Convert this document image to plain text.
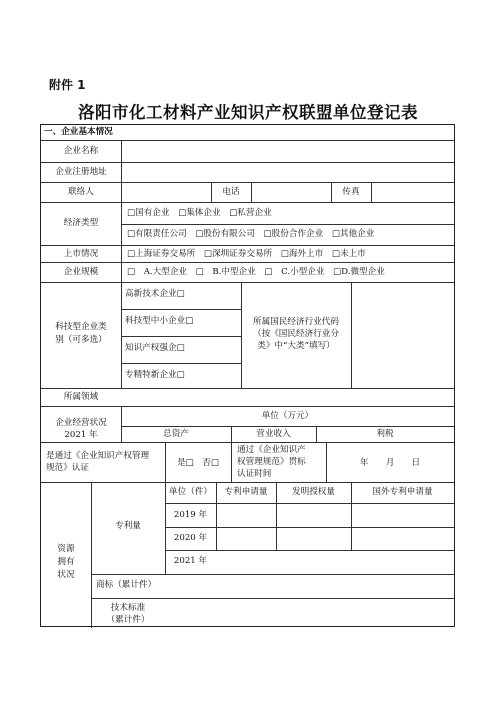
附件 1
洛阳市化工材料产业知识产权联盟单位登记表
一、企业基本情况
企业名称
企业注册地址
联络人	电话	传真
经济类型
□国有企业　□集体企业　□私营企业
□有限责任公司　□股份有限公司　□股份合作企业　□其他企业
上市情况	□上海证券交易所　□深圳证券交易所　□海外上市　□未上市
企业规模	□　A.大型企业　□　B.中型企业　□　C.小型企业　□D.微型企业
科技型企业类
别（可多选）
高新技术企业□
科技型中小企业□
知识产权强企□
专精特新企业□
所属国民经济行业代码
（按《国民经济行业分
类》中“大类”填写）
所属领域
企业经营状况
单位（万元）
总资产	营业收入	利税
2021 年
是通过《企业知识产权管理
规范》认证	是□　否□
通过《企业知识产
权管理规范》贯标
认证时间
年　　月　　日
资源
拥有
状况
专利量
单位（件）	专利申请量	发明授权量	国外专利申请量
2019 年
2020 年
2021 年
商标（累计件）
技术标准
（累计件）
